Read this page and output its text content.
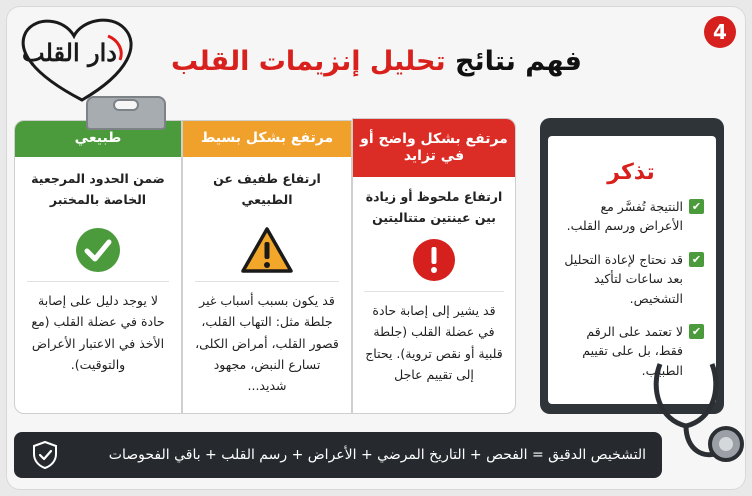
4
دار القلب	فهم نتائج تحليل إنزيمات القلب
طبيعي
ضمن الحدود المرجعية الخاصة بالمختبر
لا يوجد دليل على إصابة حادة في عضلة القلب (مع الأخذ في الاعتبار الأعراض والتوقيت).
مرتفع بشكل بسيط
ارتفاع طفيف عن الطبيعي
قد يكون بسبب أسباب غير جلطة مثل: التهاب القلب، قصور القلب، أمراض الكلى، تسارع النبض، مجهود شديد...
مرتفع بشكل واضح أو في تزايد
ارتفاع ملحوظ أو زيادة بين عينتين متتاليتين
قد يشير إلى إصابة حادة في عضلة القلب (جلطة قلبية أو نقص تروية). يحتاج إلى تقييم عاجل
تذكر
✔
النتيجة تُفسَّر مع الأعراض ورسم القلب.
✔
قد نحتاج لإعادة التحليل بعد ساعات لتأكيد التشخيص.
✔
لا تعتمد على الرقم فقط، بل على تقييم الطبيب.
التشخيص الدقيق = الفحص + التاريخ المرضي + الأعراض + رسم القلب + باقي الفحوصات
